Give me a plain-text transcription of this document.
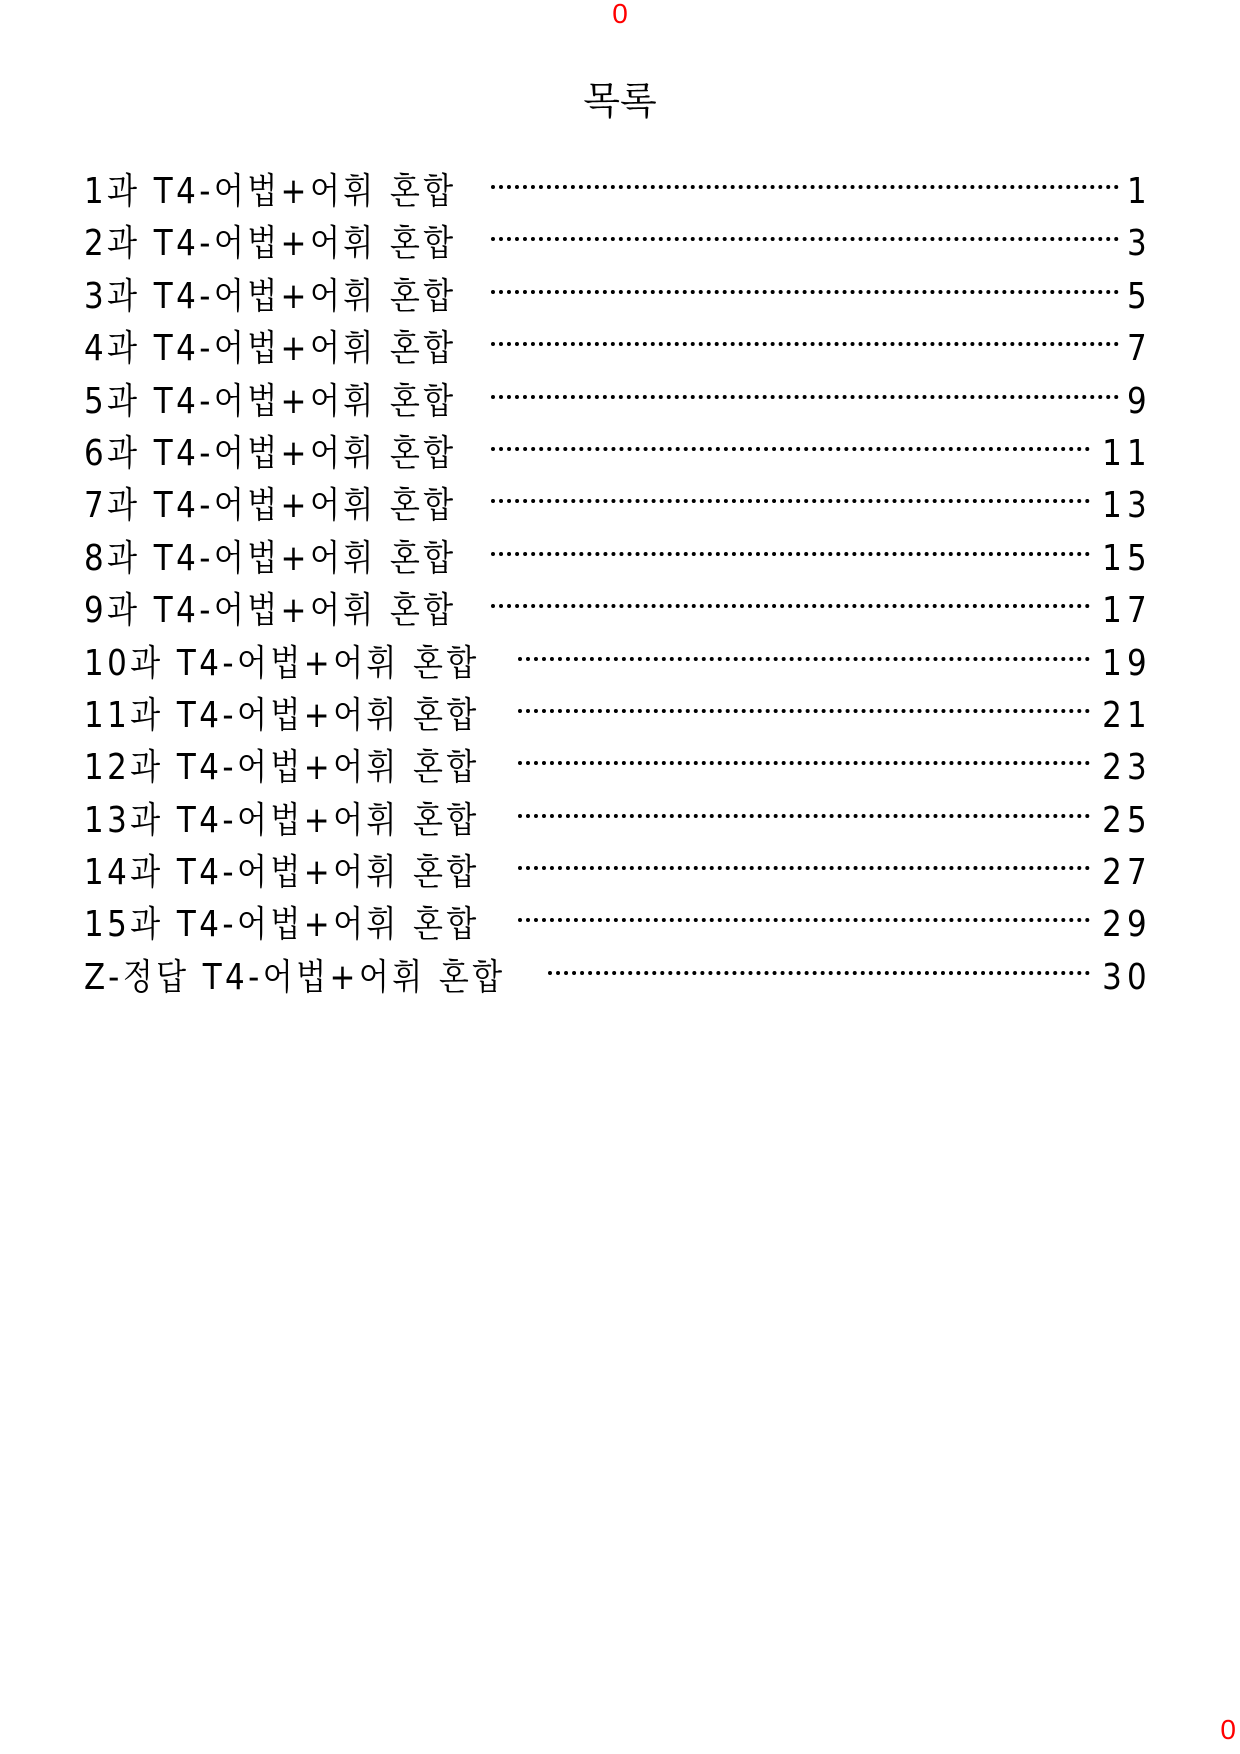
0
목록
1과 T4-어법+어휘 혼합	1
2과 T4-어법+어휘 혼합	3
3과 T4-어법+어휘 혼합	5
4과 T4-어법+어휘 혼합	7
5과 T4-어법+어휘 혼합	9
6과 T4-어법+어휘 혼합	11
7과 T4-어법+어휘 혼합	13
8과 T4-어법+어휘 혼합	15
9과 T4-어법+어휘 혼합	17
10과 T4-어법+어휘 혼합	19
11과 T4-어법+어휘 혼합	21
12과 T4-어법+어휘 혼합	23
13과 T4-어법+어휘 혼합	25
14과 T4-어법+어휘 혼합	27
15과 T4-어법+어휘 혼합	29
Z-정답 T4-어법+어휘 혼합	30
0
